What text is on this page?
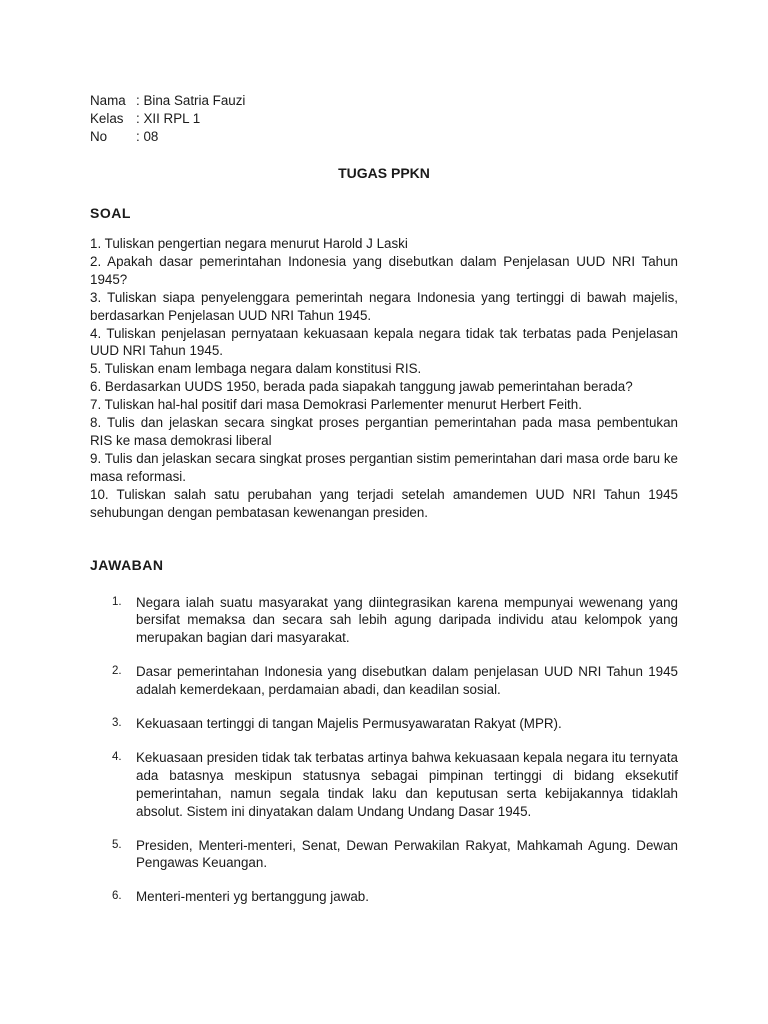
Nama : Bina Satria Fauzi
Kelas : XII RPL 1
No	: 08
TUGAS PPKN
SOAL
1. Tuliskan pengertian negara menurut Harold J Laski
2. Apakah dasar pemerintahan Indonesia yang disebutkan dalam Penjelasan UUD NRI Tahun 1945?
3. Tuliskan siapa penyelenggara pemerintah negara Indonesia yang tertinggi di bawah majelis, berdasarkan Penjelasan UUD NRI Tahun 1945.
4. Tuliskan penjelasan pernyataan kekuasaan kepala negara tidak tak terbatas pada Penjelasan UUD NRI Tahun 1945.
5. Tuliskan enam lembaga negara dalam konstitusi RIS.
6. Berdasarkan UUDS 1950, berada pada siapakah tanggung jawab pemerintahan berada?
7. Tuliskan hal-hal positif dari masa Demokrasi Parlementer menurut Herbert Feith.
8. Tulis dan jelaskan secara singkat proses pergantian pemerintahan pada masa pembentukan RIS ke masa demokrasi liberal
9. Tulis dan jelaskan secara singkat proses pergantian sistim pemerintahan dari masa orde baru ke masa reformasi.
10. Tuliskan salah satu perubahan yang terjadi setelah amandemen UUD NRI Tahun 1945 sehubungan dengan pembatasan kewenangan presiden.
JAWABAN
1.	Negara ialah suatu masyarakat yang diintegrasikan karena mempunyai wewenang yang bersifat memaksa dan secara sah lebih agung daripada individu atau kelompok yang merupakan bagian dari masyarakat.
2.	Dasar pemerintahan Indonesia yang disebutkan dalam penjelasan UUD NRI Tahun 1945 adalah kemerdekaan, perdamaian abadi, dan keadilan sosial.
3.	Kekuasaan tertinggi di tangan Majelis Permusyawaratan Rakyat (MPR).
4.	Kekuasaan presiden tidak tak terbatas artinya bahwa kekuasaan kepala negara itu ternyata ada batasnya meskipun statusnya sebagai pimpinan tertinggi di bidang eksekutif pemerintahan, namun segala tindak laku dan keputusan serta kebijakannya tidaklah absolut. Sistem ini dinyatakan dalam Undang Undang Dasar 1945.
5.	Presiden, Menteri-menteri, Senat, Dewan Perwakilan Rakyat, Mahkamah Agung. Dewan Pengawas Keuangan.
6.	Menteri-menteri yg bertanggung jawab.
